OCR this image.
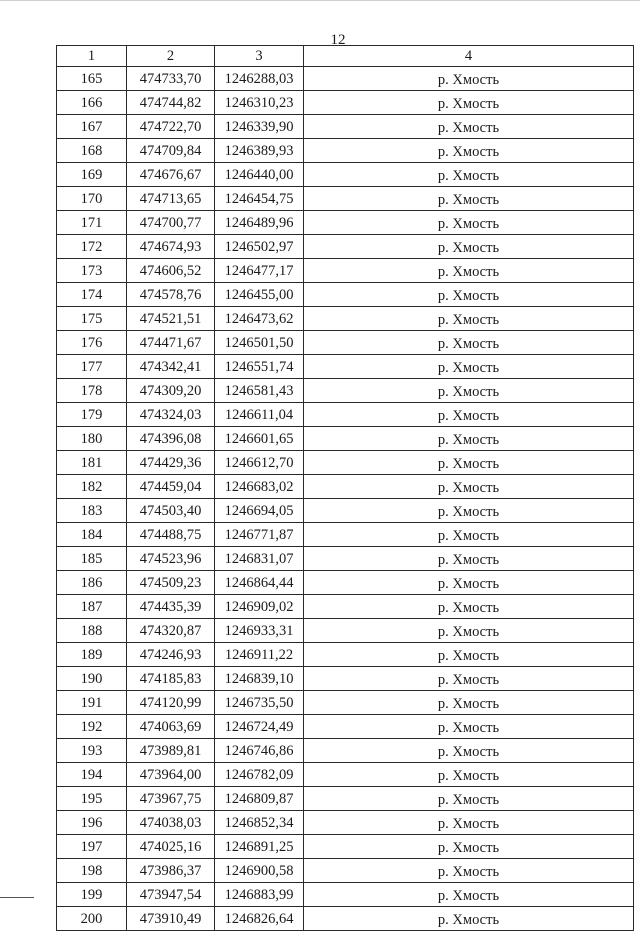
12
1	2	3	4
165	474733,70	1246288,03	р. Хмость
166	474744,82	1246310,23	р. Хмость
167	474722,70	1246339,90	р. Хмость
168	474709,84	1246389,93	р. Хмость
169	474676,67	1246440,00	р. Хмость
170	474713,65	1246454,75	р. Хмость
171	474700,77	1246489,96	р. Хмость
172	474674,93	1246502,97	р. Хмость
173	474606,52	1246477,17	р. Хмость
174	474578,76	1246455,00	р. Хмость
175	474521,51	1246473,62	р. Хмость
176	474471,67	1246501,50	р. Хмость
177	474342,41	1246551,74	р. Хмость
178	474309,20	1246581,43	р. Хмость
179	474324,03	1246611,04	р. Хмость
180	474396,08	1246601,65	р. Хмость
181	474429,36	1246612,70	р. Хмость
182	474459,04	1246683,02	р. Хмость
183	474503,40	1246694,05	р. Хмость
184	474488,75	1246771,87	р. Хмость
185	474523,96	1246831,07	р. Хмость
186	474509,23	1246864,44	р. Хмость
187	474435,39	1246909,02	р. Хмость
188	474320,87	1246933,31	р. Хмость
189	474246,93	1246911,22	р. Хмость
190	474185,83	1246839,10	р. Хмость
191	474120,99	1246735,50	р. Хмость
192	474063,69	1246724,49	р. Хмость
193	473989,81	1246746,86	р. Хмость
194	473964,00	1246782,09	р. Хмость
195	473967,75	1246809,87	р. Хмость
196	474038,03	1246852,34	р. Хмость
197	474025,16	1246891,25	р. Хмость
198	473986,37	1246900,58	р. Хмость
199	473947,54	1246883,99	р. Хмость
200	473910,49	1246826,64	р. Хмость
